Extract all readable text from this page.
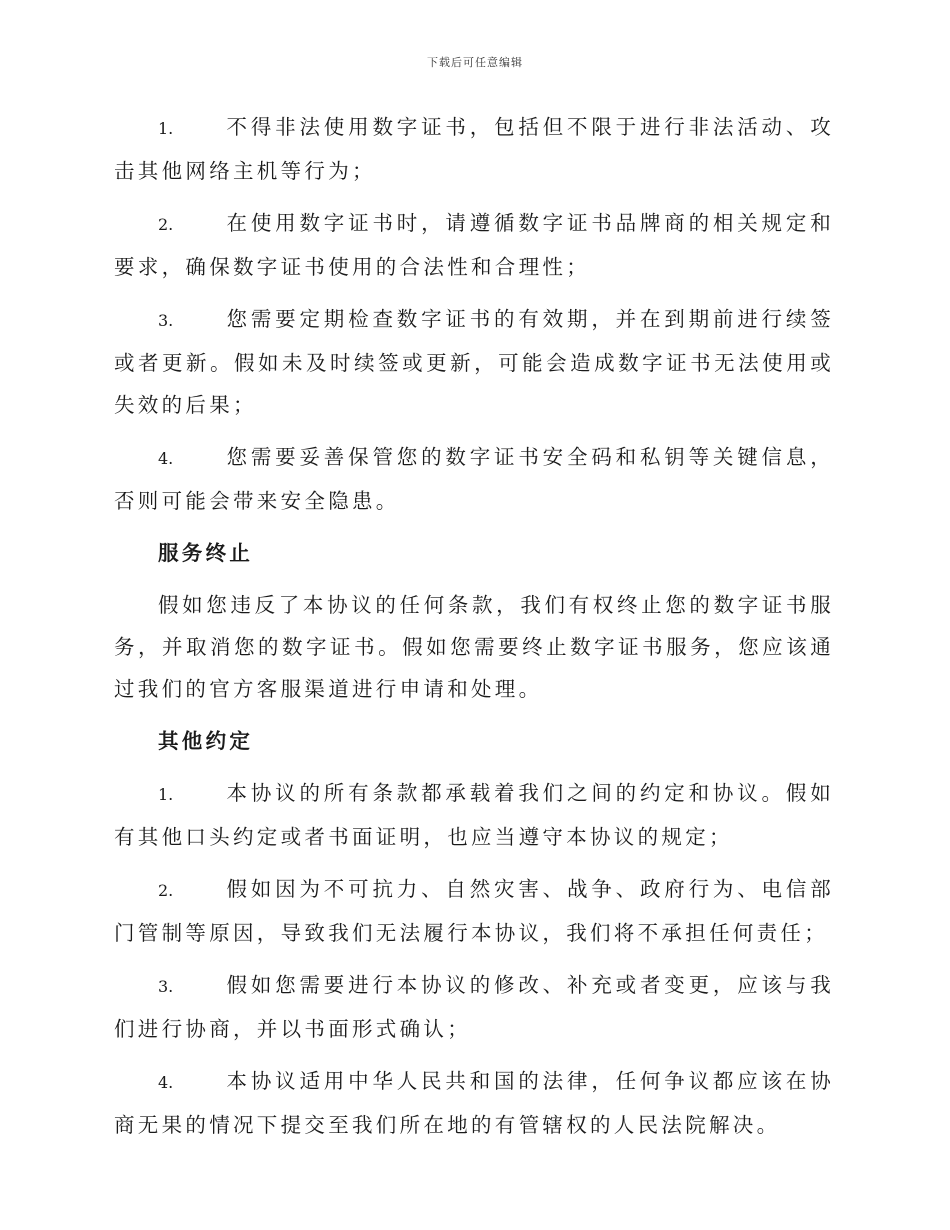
下载后可任意编辑
1.	不得非法使用数字证书，包括但不限于进行非法活动、攻击其他网络主机等行为；
2.	在使用数字证书时，请遵循数字证书品牌商的相关规定和要求，确保数字证书使用的合法性和合理性；
3.	您需要定期检查数字证书的有效期，并在到期前进行续签或者更新。假如未及时续签或更新，可能会造成数字证书无法使用或失效的后果；
4.	您需要妥善保管您的数字证书安全码和私钥等关键信息，否则可能会带来安全隐患。
服务终止
假如您违反了本协议的任何条款，我们有权终止您的数字证书服务，并取消您的数字证书。假如您需要终止数字证书服务，您应该通过我们的官方客服渠道进行申请和处理。
其他约定
1.	本协议的所有条款都承载着我们之间的约定和协议。假如有其他口头约定或者书面证明，也应当遵守本协议的规定；
2.	假如因为不可抗力、自然灾害、战争、政府行为、电信部门管制等原因，导致我们无法履行本协议，我们将不承担任何责任；
3.	假如您需要进行本协议的修改、补充或者变更，应该与我们进行协商，并以书面形式确认；
4.	本协议适用中华人民共和国的法律，任何争议都应该在协商无果的情况下提交至我们所在地的有管辖权的人民法院解决。
